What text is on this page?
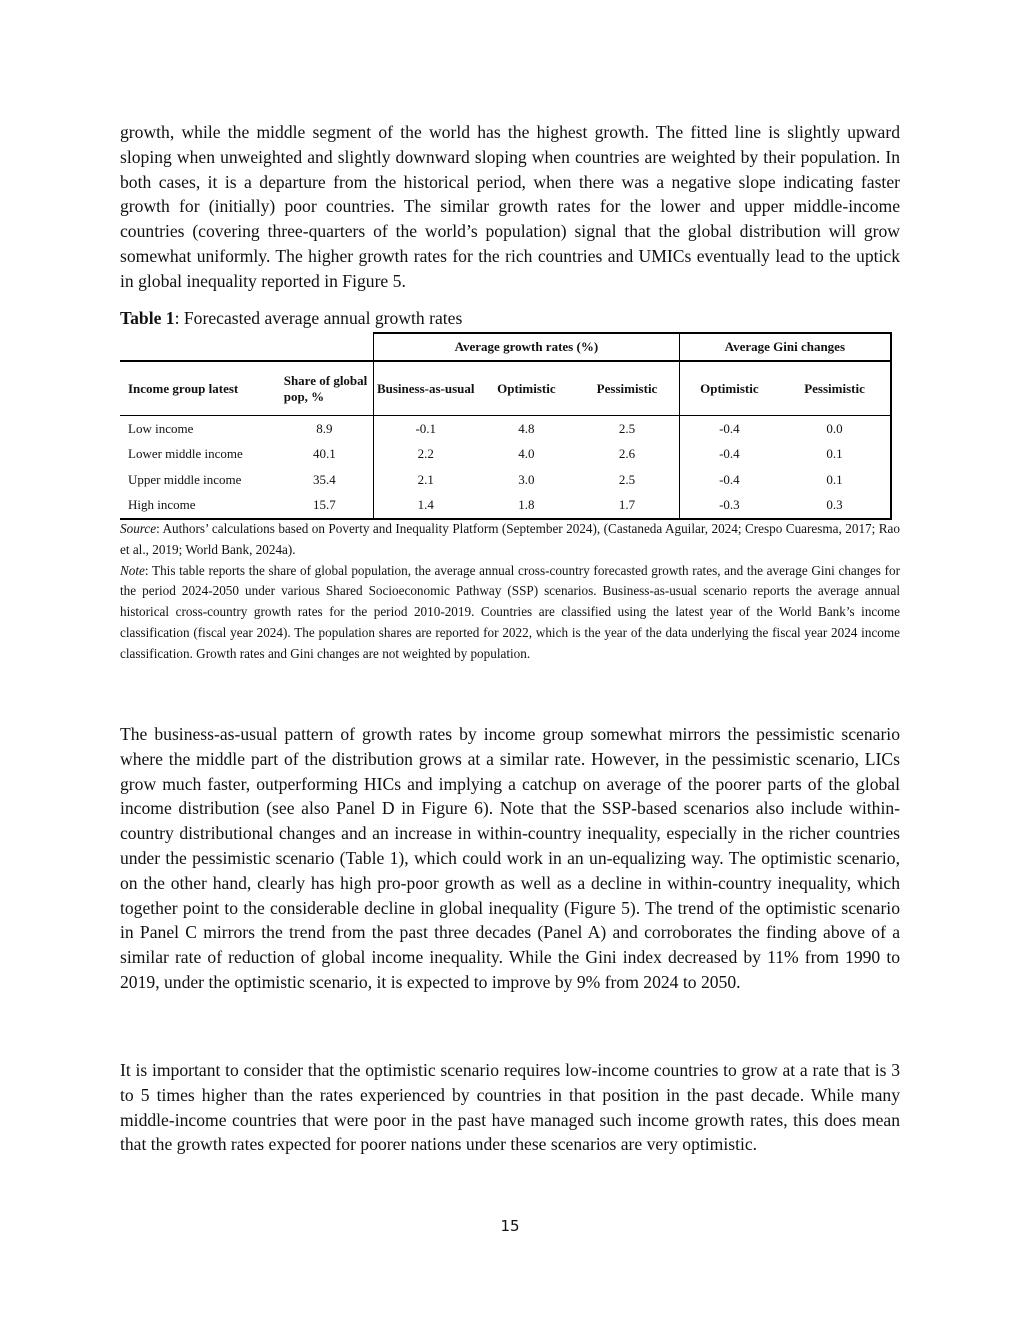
growth, while the middle segment of the world has the highest growth. The fitted line is slightly upward sloping when unweighted and slightly downward sloping when countries are weighted by their population. In both cases, it is a departure from the historical period, when there was a negative slope indicating faster growth for (initially) poor countries. The similar growth rates for the lower and upper middle-income countries (covering three-quarters of the world’s population) signal that the global distribution will grow somewhat uniformly. The higher growth rates for the rich countries and UMICs eventually lead to the uptick in global inequality reported in Figure 5.

Table 1: Forecasted average annual growth rates
		Average growth rates (%)			Average Gini changes	
Income group latest	Share of global pop, %	Business-as-usual	Optimistic	Pessimistic	Optimistic	Pessimistic
Low income	8.9	-0.1	4.8	2.5	-0.4	0.0
Lower middle income	40.1	2.2	4.0	2.6	-0.4	0.1
Upper middle income	35.4	2.1	3.0	2.5	-0.4	0.1
High income	15.7	1.4	1.8	1.7	-0.3	0.3

Source: Authors’ calculations based on Poverty and Inequality Platform (September 2024), (Castaneda Aguilar, 2024; Crespo Cuaresma, 2017; Rao et al., 2019; World Bank, 2024a).

Note: This table reports the share of global population, the average annual cross-country forecasted growth rates, and the average Gini changes for the period 2024-2050 under various Shared Socioeconomic Pathway (SSP) scenarios. Business-as-usual scenario reports the average annual historical cross-country growth rates for the period 2010-2019. Countries are classified using the latest year of the World Bank’s income classification (fiscal year 2024). The population shares are reported for 2022, which is the year of the data underlying the fiscal year 2024 income classification. Growth rates and Gini changes are not weighted by population.

The business-as-usual pattern of growth rates by income group somewhat mirrors the pessimistic scenario where the middle part of the distribution grows at a similar rate. However, in the pessimistic scenario, LICs grow much faster, outperforming HICs and implying a catchup on average of the poorer parts of the global income distribution (see also Panel D in Figure 6). Note that the SSP-based scenarios also include within-country distributional changes and an increase in within-country inequality, especially in the richer countries under the pessimistic scenario (Table 1), which could work in an un-equalizing way. The optimistic scenario, on the other hand, clearly has high pro-poor growth as well as a decline in within-country inequality, which together point to the considerable decline in global inequality (Figure 5). The trend of the optimistic scenario in Panel C mirrors the trend from the past three decades (Panel A) and corroborates the finding above of a similar rate of reduction of global income inequality. While the Gini index decreased by 11% from 1990 to 2019, under the optimistic scenario, it is expected to improve by 9% from 2024 to 2050.

It is important to consider that the optimistic scenario requires low-income countries to grow at a rate that is 3 to 5 times higher than the rates experienced by countries in that position in the past decade. While many middle-income countries that were poor in the past have managed such income growth rates, this does mean that the growth rates expected for poorer nations under these scenarios are very optimistic.

15
